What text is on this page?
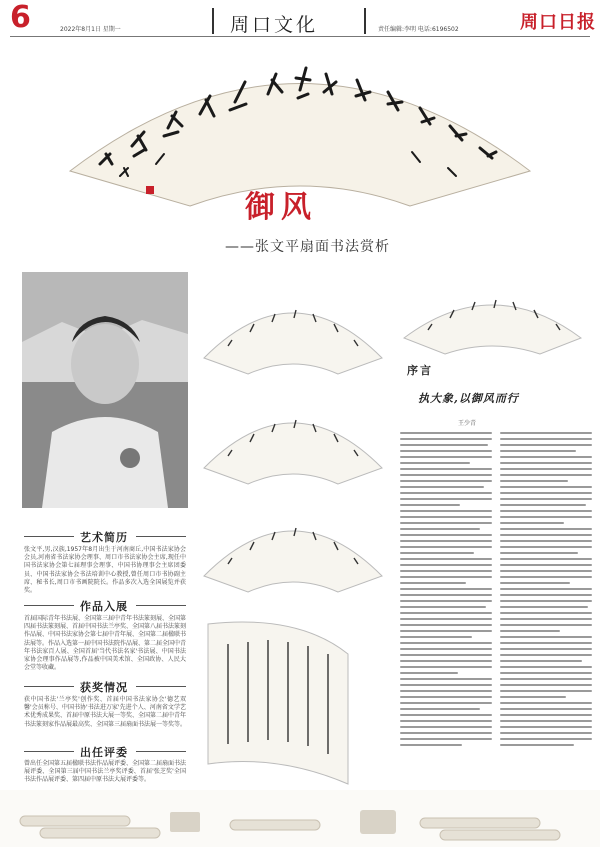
6	周口文化	周口日报
2022年8月1日 星期一	责任编辑:李明 电话:6196502
御风
——张文平扇面书法赏析
艺术简历
张文平,男,汉族,1957年8月出生于河南商丘,中国书法家协会会员,河南省书法家协会理事、周口市书法家协会主席,现任中国书法家协会第七届理事会理事、中国书协理事会主席团委员、中国书法家协会书法培训中心教授,曾任周口市书协副主席、秘书长,周口市书画院院长。作品多次入选全国展览并获奖。
作品入展
首届国际青年书法展、全国第三届中青年书法篆刻展、全国第四届书法篆刻展、首届中国书法兰亭奖、全国第八届书法篆刻作品展、中国书法家协会第七届中青年展、全国第二届楹联书法展等。作品入选第一届中国书法院作品展、第二届全国中青年书法家百人展、全国首届'当代书法名家'书法展、中国书法家协会理事作品展等,作品被中国美术馆、全国政协、人民大会堂等收藏。
获奖情况
获中国书法'兰亭奖'创作奖、首届中国书法家协会'德艺双馨'会员称号、中国书协'书法进万家'先进个人、河南省文学艺术优秀成果奖、首届中原书法大展一等奖、全国第二届中青年书法篆刻家作品展最高奖、全国第三届扇面书法展一等奖等。
出任评委
曾出任全国第五届楹联书法作品展评委、全国第二届扇面书法展评委、全国第三届中国书法兰亭奖评委、首届'张芝奖'全国书法作品展评委、第四届中原书法大展评委等。
序言
执大象,以御风而行
王少青
